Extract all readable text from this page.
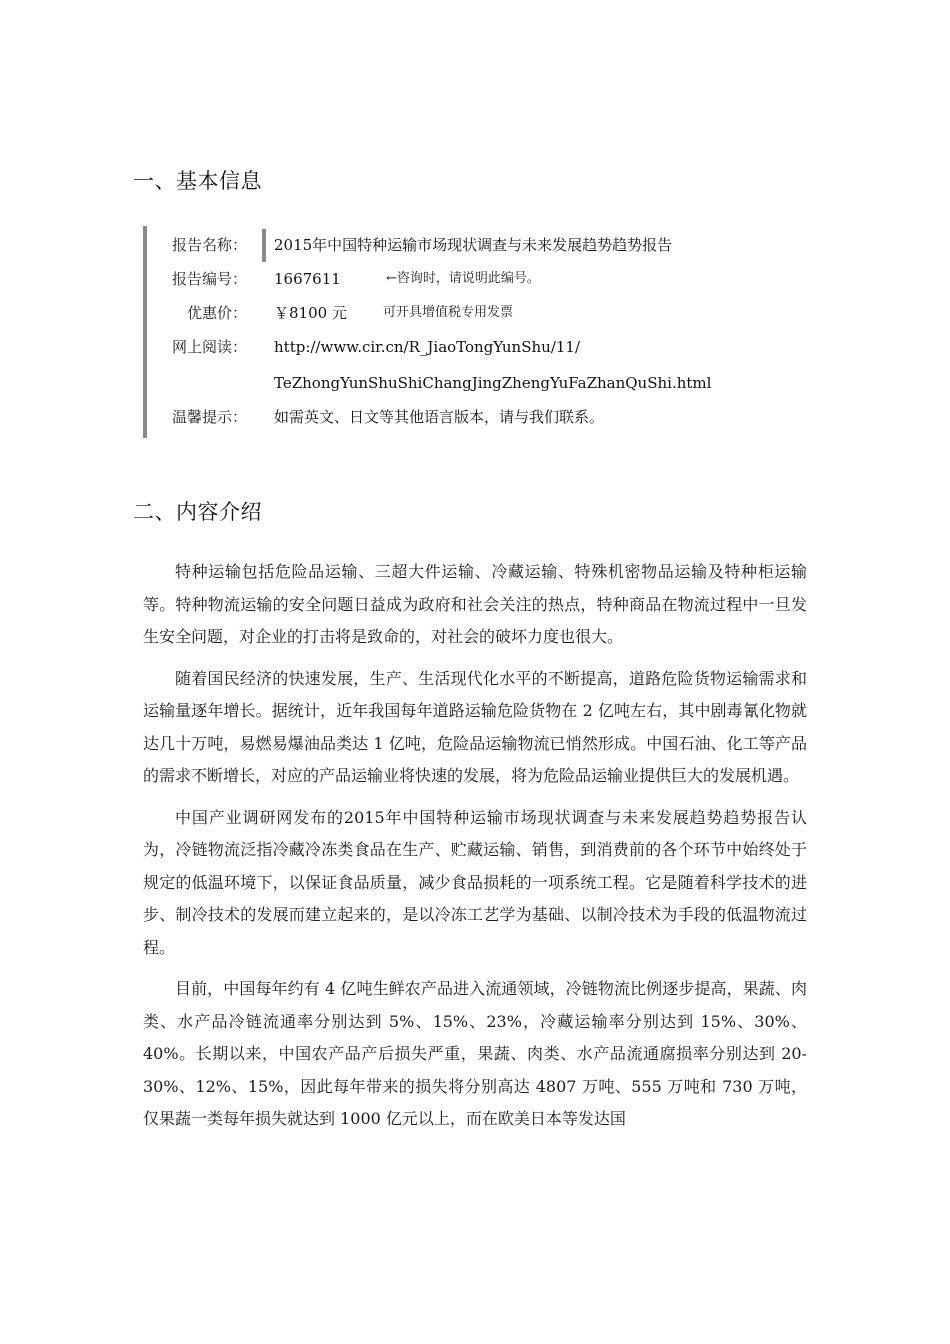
一、基本信息
报告名称： 2015年中国特种运输市场现状调查与未来发展趋势趋势报告
报告编号： 1667611	←咨询时，请说明此编号。
优惠价： ￥8100 元	可开具增值税专用发票
网上阅读： http://www.cir.cn/R_JiaoTongYunShu/11/
TeZhongYunShuShiChangJingZhengYuFaZhanQuShi.html
温馨提示： 如需英文、日文等其他语言版本，请与我们联系。
二、内容介绍

特种运输包括危险品运输、三超大件运输、冷藏运输、特殊机密物品运输及特种柜运输等。特种物流运输的安全问题日益成为政府和社会关注的热点，特种商品在物流过程中一旦发生安全问题，对企业的打击将是致命的，对社会的破坏力度也很大。

随着国民经济的快速发展，生产、生活现代化水平的不断提高，道路危险货物运输需求和运输量逐年增长。据统计，近年我国每年道路运输危险货物在 2 亿吨左右，其中剧毒氰化物就达几十万吨，易燃易爆油品类达 1 亿吨，危险品运输物流已悄然形成。中国石油、化工等产品的需求不断增长，对应的产品运输业将快速的发展，将为危险品运输业提供巨大的发展机遇。

中国产业调研网发布的2015年中国特种运输市场现状调查与未来发展趋势趋势报告认为，冷链物流泛指冷藏冷冻类食品在生产、贮藏运输、销售，到消费前的各个环节中始终处于规定的低温环境下，以保证食品质量，减少食品损耗的一项系统工程。它是随着科学技术的进步、制冷技术的发展而建立起来的，是以冷冻工艺学为基础、以制冷技术为手段的低温物流过程。

目前，中国每年约有 4 亿吨生鲜农产品进入流通领域，冷链物流比例逐步提高，果蔬、肉类、水产品冷链流通率分别达到 5%、15%、23%，冷藏运输率分别达到 15%、30%、40%。长期以来，中国农产品产后损失严重，果蔬、肉类、水产品流通腐损率分别达到 20-30%、12%、15%，因此每年带来的损失将分别高达 4807 万吨、555 万吨和 730 万吨，仅果蔬一类每年损失就达到 1000 亿元以上，而在欧美日本等发达国
